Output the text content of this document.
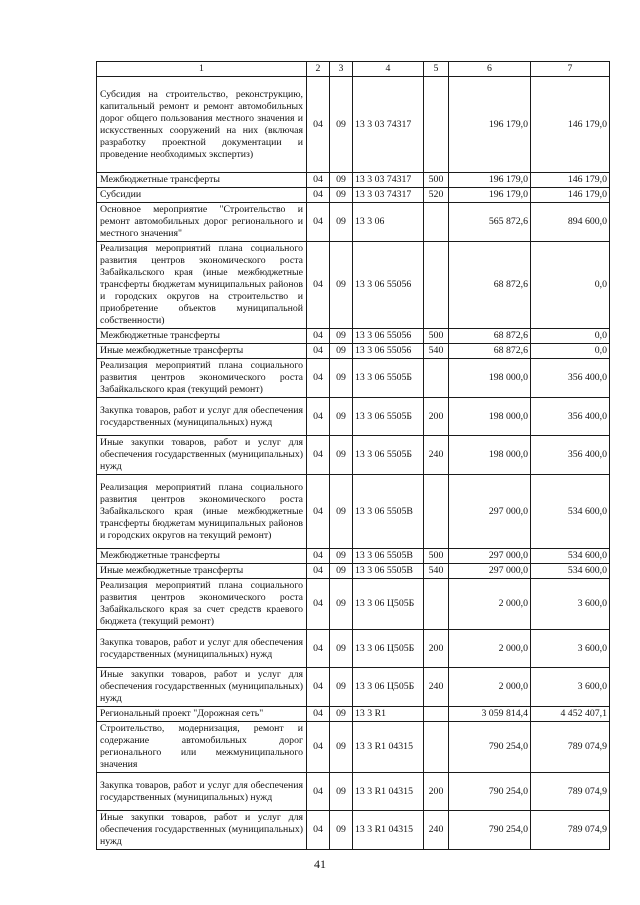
1	2	3	4	5	6	7
Субсидия на строительство, реконструкцию, капитальный ремонт и ремонт автомобильных дорог общего пользования местного значения и искусственных сооружений на них (включая разработку проектной документации и проведение необходимых экспертиз)	04	09	13 3 03 74317		196 179,0	146 179,0
Межбюджетные трансферты	04	09	13 3 03 74317	500	196 179,0	146 179,0
Субсидии	04	09	13 3 03 74317	520	196 179,0	146 179,0
Основное мероприятие "Строительство и ремонт автомобильных дорог регионального и местного значения"	04	09	13 3 06		565 872,6	894 600,0
Реализация мероприятий плана социального развития центров экономического роста Забайкальского края (иные межбюджетные трансферты бюджетам муниципальных районов и городских округов на строительство и приобретение объектов муниципальной собственности)	04	09	13 3 06 55056		68 872,6	0,0
Межбюджетные трансферты	04	09	13 3 06 55056	500	68 872,6	0,0
Иные межбюджетные трансферты	04	09	13 3 06 55056	540	68 872,6	0,0
Реализация мероприятий плана социального развития центров экономического роста Забайкальского края (текущий ремонт)	04	09	13 3 06 5505Б		198 000,0	356 400,0
Закупка товаров, работ и услуг для обеспечения государственных (муниципальных) нужд	04	09	13 3 06 5505Б	200	198 000,0	356 400,0
Иные закупки товаров, работ и услуг для обеспечения государственных (муниципальных) нужд	04	09	13 3 06 5505Б	240	198 000,0	356 400,0
Реализация мероприятий плана социального развития центров экономического роста Забайкальского края (иные межбюджетные трансферты бюджетам муниципальных районов и городских округов на текущий ремонт)	04	09	13 3 06 5505В		297 000,0	534 600,0
Межбюджетные трансферты	04	09	13 3 06 5505В	500	297 000,0	534 600,0
Иные межбюджетные трансферты	04	09	13 3 06 5505В	540	297 000,0	534 600,0
Реализация мероприятий плана социального развития центров экономического роста Забайкальского края за счет средств краевого бюджета (текущий ремонт)	04	09	13 3 06 Ц505Б		2 000,0	3 600,0
Закупка товаров, работ и услуг для обеспечения государственных (муниципальных) нужд	04	09	13 3 06 Ц505Б	200	2 000,0	3 600,0
Иные закупки товаров, работ и услуг для обеспечения государственных (муниципальных) нужд	04	09	13 3 06 Ц505Б	240	2 000,0	3 600,0
Региональный проект "Дорожная сеть"	04	09	13 3 R1		3 059 814,4	4 452 407,1
Строительство, модернизация, ремонт и содержание автомобильных дорог регионального или межмуниципального значения	04	09	13 3 R1 04315		790 254,0	789 074,9
Закупка товаров, работ и услуг для обеспечения государственных (муниципальных) нужд	04	09	13 3 R1 04315	200	790 254,0	789 074,9
Иные закупки товаров, работ и услуг для обеспечения государственных (муниципальных) нужд	04	09	13 3 R1 04315	240	790 254,0	789 074,9
41
